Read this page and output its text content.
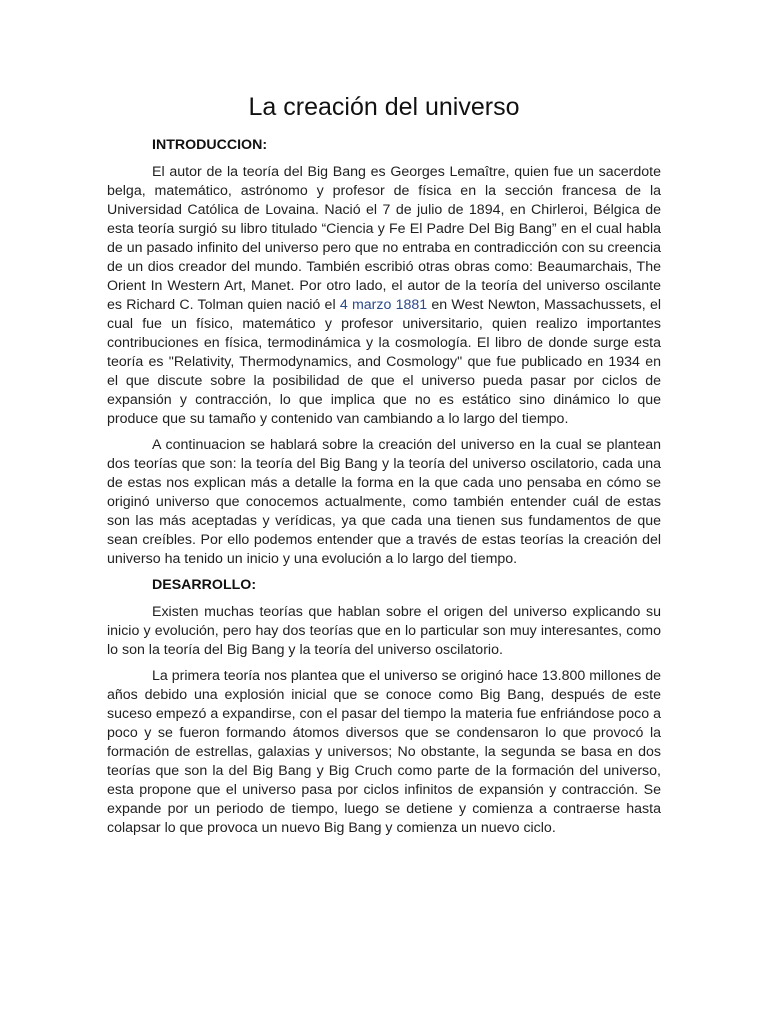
La creación del universo
INTRODUCCION:

El autor de la teoría del Big Bang es Georges Lemaître, quien fue un sacerdote belga, matemático, astrónomo y profesor de física en la sección francesa de la Universidad Católica de Lovaina. Nació el 7 de julio de 1894, en Chirleroi, Bélgica de esta teoría surgió su libro titulado “Ciencia y Fe El Padre Del Big Bang” en el cual habla de un pasado infinito del universo pero que no entraba en contradicción con su creencia de un dios creador del mundo. También escribió otras obras como: Beaumarchais, The Orient In Western Art, Manet. Por otro lado, el autor de la teoría del universo oscilante es Richard C. Tolman quien nació el 4 marzo 1881 en West Newton, Massachussets, el cual fue un físico, matemático y profesor universitario, quien realizo importantes contribuciones en física, termodinámica y la cosmología. El libro de donde surge esta teoría es "Relativity, Thermodynamics, and Cosmology" que fue publicado en 1934 en el que discute sobre la posibilidad de que el universo pueda pasar por ciclos de expansión y contracción, lo que implica que no es estático sino dinámico lo que produce que su tamaño y contenido van cambiando a lo largo del tiempo.

A continuacion se hablará sobre la creación del universo en la cual se plantean dos teorías que son: la teoría del Big Bang y la teoría del universo oscilatorio, cada una de estas nos explican más a detalle la forma en la que cada uno pensaba en cómo se originó universo que conocemos actualmente, como también entender cuál de estas son las más aceptadas y verídicas, ya que cada una tienen sus fundamentos de que sean creíbles. Por ello podemos entender que a través de estas teorías la creación del universo ha tenido un inicio y una evolución a lo largo del tiempo.

DESARROLLO:

Existen muchas teorías que hablan sobre el origen del universo explicando su inicio y evolución, pero hay dos teorías que en lo particular son muy interesantes, como lo son la teoría del Big Bang y la teoría del universo oscilatorio.

La primera teoría nos plantea que el universo se originó hace 13.800 millones de años debido una explosión inicial que se conoce como Big Bang, después de este suceso empezó a expandirse, con el pasar del tiempo la materia fue enfriándose poco a poco y se fueron formando átomos diversos que se condensaron lo que provocó la formación de estrellas, galaxias y universos; No obstante, la segunda se basa en dos teorías que son la del Big Bang y Big Cruch como parte de la formación del universo, esta propone que el universo pasa por ciclos infinitos de expansión y contracción. Se expande por un periodo de tiempo, luego se detiene y comienza a contraerse hasta colapsar lo que provoca un nuevo Big Bang y comienza un nuevo ciclo.
